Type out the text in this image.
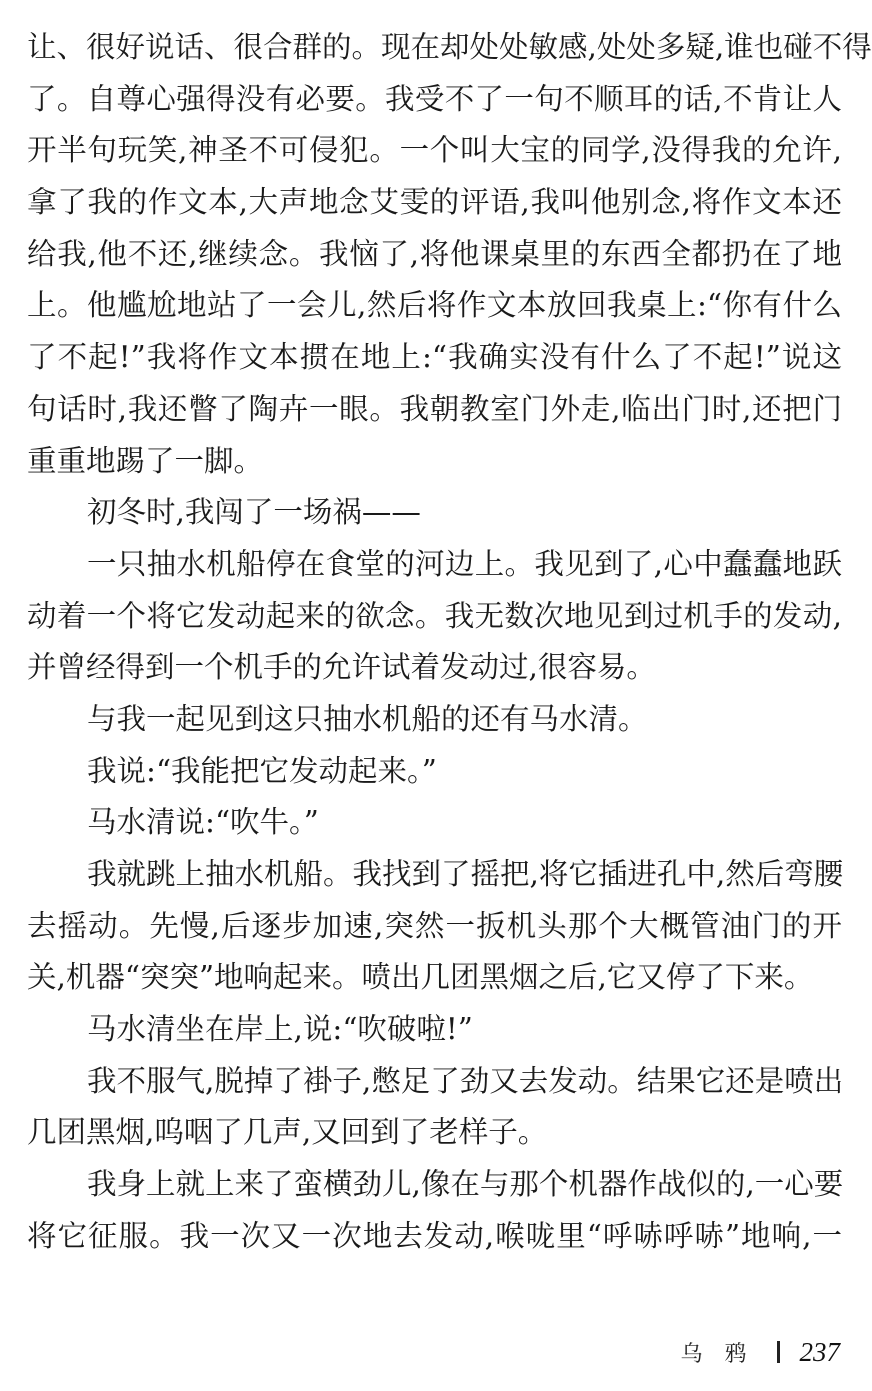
让、很好说话、很合群的。现在却处处敏感,处处多疑,谁也碰不得
了。自尊心强得没有必要。我受不了一句不顺耳的话,不肯让人
开半句玩笑,神圣不可侵犯。一个叫大宝的同学,没得我的允许,
拿了我的作文本,大声地念艾雯的评语,我叫他别念,将作文本还
给我,他不还,继续念。我恼了,将他课桌里的东西全都扔在了地
上。他尴尬地站了一会儿,然后将作文本放回我桌上:“你有什么
了不起!”我将作文本掼在地上:“我确实没有什么了不起!”说这
句话时,我还瞥了陶卉一眼。我朝教室门外走,临出门时,还把门
重重地踢了一脚。
初冬时,我闯了一场祸——
一只抽水机船停在食堂的河边上。我见到了,心中蠢蠢地跃
动着一个将它发动起来的欲念。我无数次地见到过机手的发动,
并曾经得到一个机手的允许试着发动过,很容易。
与我一起见到这只抽水机船的还有马水清。
我说:“我能把它发动起来。”
马水清说:“吹牛。”
我就跳上抽水机船。我找到了摇把,将它插进孔中,然后弯腰
去摇动。先慢,后逐步加速,突然一扳机头那个大概管油门的开
关,机器“突突”地响起来。喷出几团黑烟之后,它又停了下来。
马水清坐在岸上,说:“吹破啦!”
我不服气,脱掉了褂子,憋足了劲又去发动。结果它还是喷出
几团黑烟,呜咽了几声,又回到了老样子。
我身上就上来了蛮横劲儿,像在与那个机器作战似的,一心要
将它征服。我一次又一次地去发动,喉咙里“呼哧呼哧”地响,一
乌鸦 237
